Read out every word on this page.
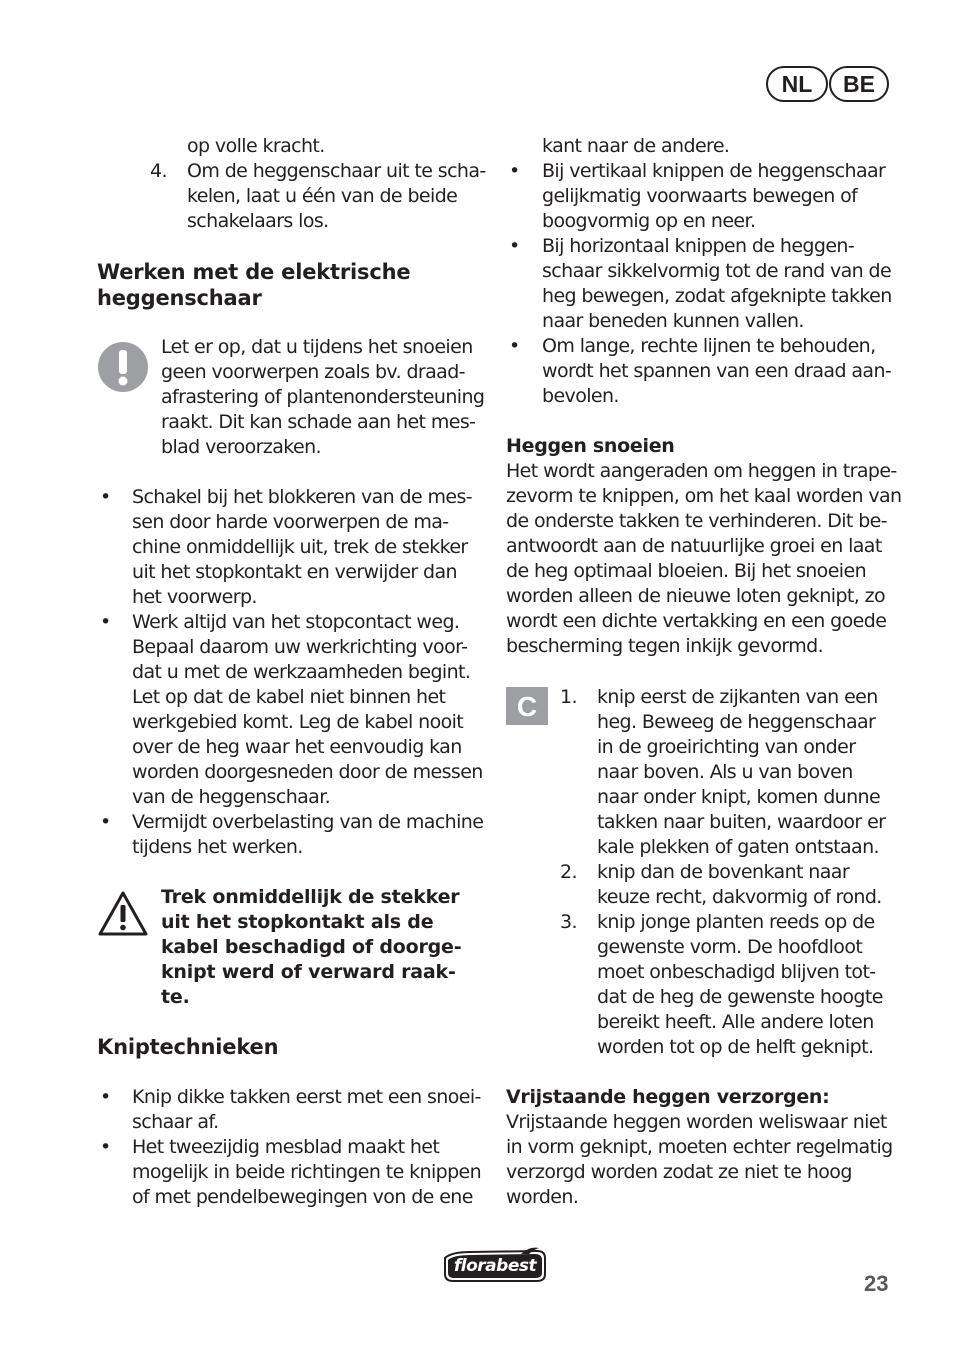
NL	BE
op volle kracht.
4. Om de heggenschaar uit te scha-
kelen, laat u één van de beide
schakelaars los.
Werken met de elektrische
heggenschaar
Let er op, dat u tijdens het snoeien
geen voorwerpen zoals bv. draad-
afrastering of plantenondersteuning
raakt. Dit kan schade aan het mes-
blad veroorzaken.
• Schakel bij het blokkeren van de mes-
sen door harde voorwerpen de ma-
chine onmiddellijk uit, trek de stekker
uit het stopkontakt en verwijder dan
het voorwerp.
• Werk altijd van het stopcontact weg.
Bepaal daarom uw werkrichting voor-
dat u met de werkzaamheden begint.
Let op dat de kabel niet binnen het
werkgebied komt. Leg de kabel nooit
over de heg waar het eenvoudig kan
worden doorgesneden door de messen
van de heggenschaar.
• Vermijdt overbelasting van de machine
tijdens het werken.
Trek onmiddellijk de stekker
uit het stopkontakt als de
kabel beschadigd of doorge-
knipt werd of verward raak-
te.
Kniptechnieken
• Knip dikke takken eerst met een snoei-
schaar af.
• Het tweezijdig mesblad maakt het
mogelijk in beide richtingen te knippen
of met pendelbewegingen von de ene
kant naar de andere.
• Bij vertikaal knippen de heggenschaar
gelijkmatig voorwaarts bewegen of
boogvormig op en neer.
• Bij horizontaal knippen de heggen-
schaar sikkelvormig tot de rand van de
heg bewegen, zodat afgeknipte takken
naar beneden kunnen vallen.
• Om lange, rechte lijnen te behouden,
wordt het spannen van een draad aan-
bevolen.
Heggen snoeien
Het wordt aangeraden om heggen in trape-
zevorm te knippen, om het kaal worden van
de onderste takken te verhinderen. Dit be-
antwoordt aan de natuurlijke groei en laat
de heg optimaal bloeien. Bij het snoeien
worden alleen de nieuwe loten geknipt, zo
wordt een dichte vertakking en een goede
bescherming tegen inkijk gevormd.
C	1. knip eerst de zijkanten van een
heg. Beweeg de heggenschaar
in de groeirichting van onder
naar boven. Als u van boven
naar onder knipt, komen dunne
takken naar buiten, waardoor er
kale plekken of gaten ontstaan.
2. knip dan de bovenkant naar
keuze recht, dakvormig of rond.
3. knip jonge planten reeds op de
gewenste vorm. De hoofdloot
moet onbeschadigd blijven tot-
dat de heg de gewenste hoogte
bereikt heeft. Alle andere loten
worden tot op de helft geknipt.
Vrijstaande heggen verzorgen:
Vrijstaande heggen worden weliswaar niet
in vorm geknipt, moeten echter regelmatig
verzorgd worden zodat ze niet te hoog
worden.
florabest
23
